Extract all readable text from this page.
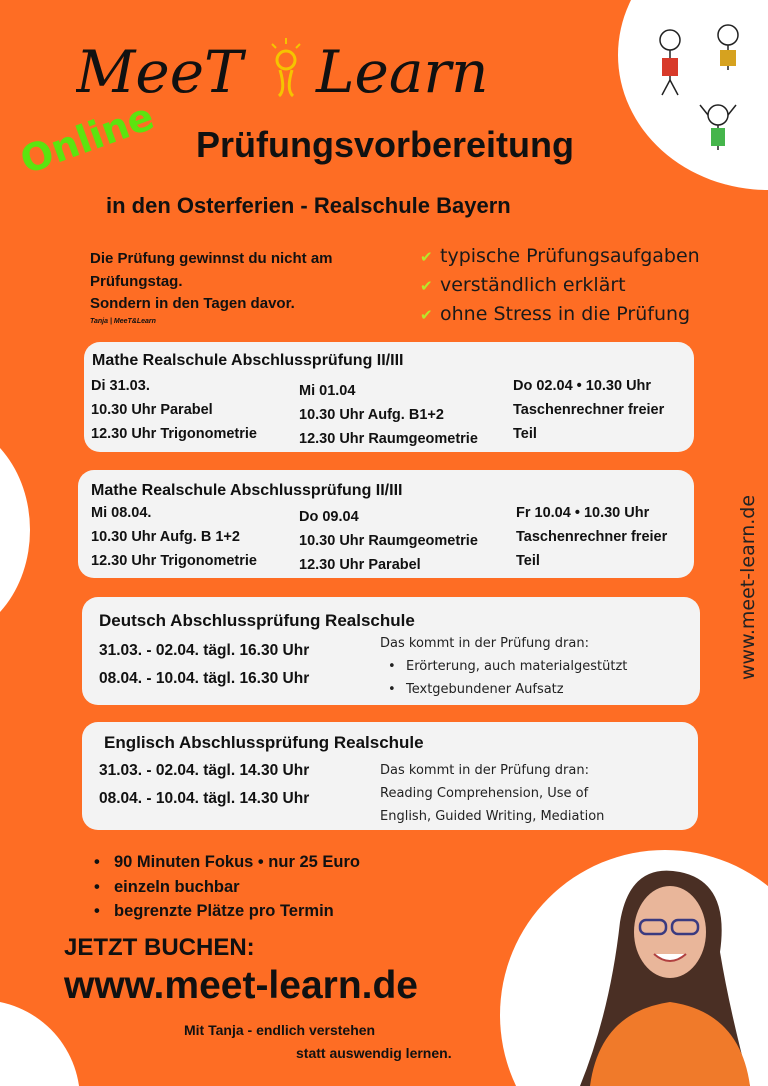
MeeT Learn
Online Prüfungsvorbereitung
in den Osterferien - Realschule Bayern
Die Prüfung gewinnst du nicht am
Prüfungstag.
Sondern in den Tagen davor.
Tanja | MeeT&Learn
✔ typische Prüfungsaufgaben
✔ verständlich erklärt
✔ ohne Stress in die Prüfung
Mathe Realschule Abschlussprüfung II/III
Di 31.03.
10.30 Uhr Parabel
12.30 Uhr Trigonometrie
Mi 01.04
10.30 Uhr Aufg. B1+2
12.30 Uhr Raumgeometrie
Do 02.04 • 10.30 Uhr
Taschenrechner freier
Teil
Mathe Realschule Abschlussprüfung II/III
Mi 08.04.
10.30 Uhr Aufg. B 1+2
12.30 Uhr Trigonometrie
Do 09.04
10.30 Uhr Raumgeometrie
12.30 Uhr Parabel
Fr 10.04 • 10.30 Uhr
Taschenrechner freier
Teil
Deutsch Abschlussprüfung Realschule
31.03. - 02.04. tägl. 16.30 Uhr
08.04. - 10.04. tägl. 16.30 Uhr
Das kommt in der Prüfung dran:
• Erörterung, auch materialgestützt
• Textgebundener Aufsatz
Englisch Abschlussprüfung Realschule
31.03. - 02.04. tägl. 14.30 Uhr
08.04. - 10.04. tägl. 14.30 Uhr
Das kommt in der Prüfung dran:
Reading Comprehension, Use of
English, Guided Writing, Mediation
• 90 Minuten Fokus • nur 25 Euro
• einzeln buchbar
• begrenzte Plätze pro Termin
JETZT BUCHEN:
www.meet-learn.de
Mit Tanja - endlich verstehen
statt auswendig lernen.
www.meet-learn.de
